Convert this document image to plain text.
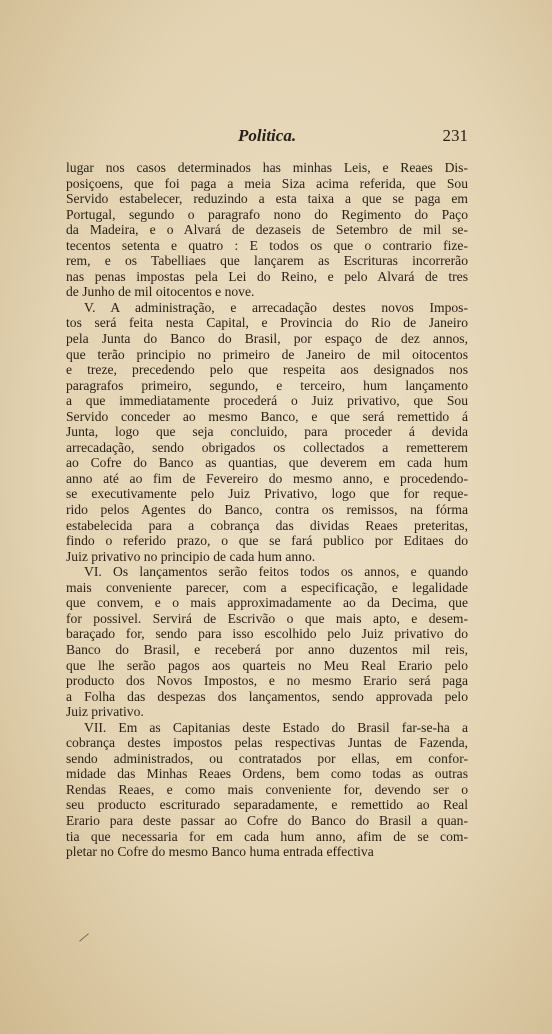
Politica.	231
lugar nos casos determinados has minhas Leis, e Reaes Dis-
posiçoens, que foi paga a meia Siza acima referida, que Sou
Servido estabelecer, reduzindo a esta taixa a que se paga em
Portugal, segundo o paragrafo nono do Regimento do Paço
da Madeira, e o Alvará de dezaseis de Setembro de mil se-
tecentos setenta e quatro : E todos os que o contrario fize-
rem, e os Tabelliaes que lançarem as Escrituras incorrerão
nas penas impostas pela Lei do Reino, e pelo Alvará de tres
de Junho de mil oitocentos e nove.
V. A administração, e arrecadação destes novos Impos-
tos será feita nesta Capital, e Provincia do Rio de Janeiro
pela Junta do Banco do Brasil, por espaço de dez annos,
que terão principio no primeiro de Janeiro de mil oitocentos
e treze, precedendo pelo que respeita aos designados nos
paragrafos primeiro, segundo, e terceiro, hum lançamento
a que immediatamente procederá o Juiz privativo, que Sou
Servido conceder ao mesmo Banco, e que será remettido á
Junta, logo que seja concluido, para proceder á devida
arrecadação, sendo obrigados os collectados a remetterem
ao Cofre do Banco as quantias, que deverem em cada hum
anno até ao fim de Fevereiro do mesmo anno, e procedendo-
se executivamente pelo Juiz Privativo, logo que for reque-
rido pelos Agentes do Banco, contra os remissos, na fórma
estabelecida para a cobrança das dividas Reaes preteritas,
findo o referido prazo, o que se fará publico por Editaes do
Juiz privativo no principio de cada hum anno.
VI. Os lançamentos serão feitos todos os annos, e quando
mais conveniente parecer, com a especificação, e legalidade
que convem, e o mais approximadamente ao da Decima, que
for possivel. Servirá de Escrivão o que mais apto, e desem-
baraçado for, sendo para isso escolhido pelo Juiz privativo do
Banco do Brasil, e receberá por anno duzentos mil reis,
que lhe serão pagos aos quarteis no Meu Real Erario pelo
producto dos Novos Impostos, e no mesmo Erario será paga
a Folha das despezas dos lançamentos, sendo approvada pelo
Juiz privativo.
VII. Em as Capitanias deste Estado do Brasil far-se-ha a
cobrança destes impostos pelas respectivas Juntas de Fazenda,
sendo administrados, ou contratados por ellas, em confor-
midade das Minhas Reaes Ordens, bem como todas as outras
Rendas Reaes, e como mais conveniente for, devendo ser o
seu producto escriturado separadamente, e remettido ao Real
Erario para deste passar ao Cofre do Banco do Brasil a quan-
tia que necessaria for em cada hum anno, afim de se com-
pletar no Cofre do mesmo Banco huma entrada effectiva
